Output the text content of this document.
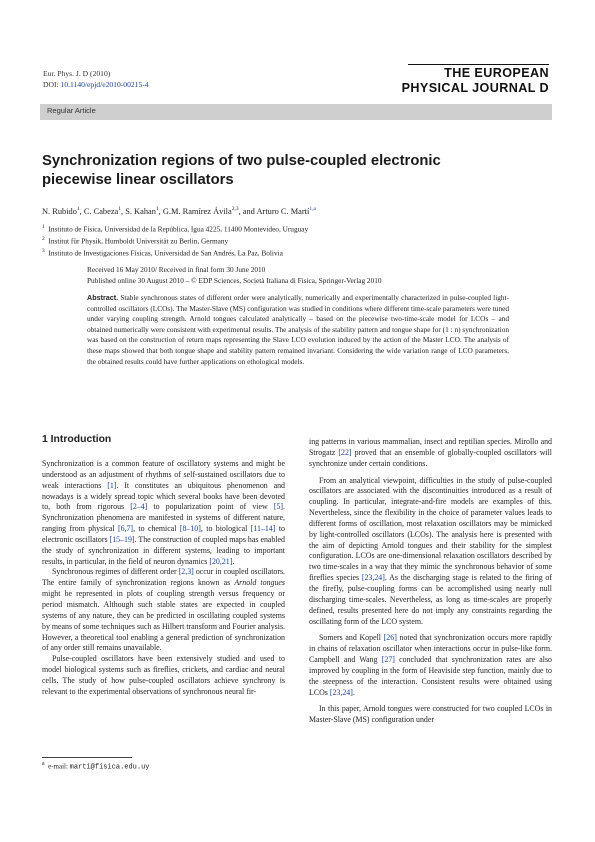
Eur. Phys. J. D (2010)
DOI: 10.1140/epjd/e2010-00215-4
THE EUROPEAN
PHYSICAL JOURNAL D
Regular Article
Synchronization regions of two pulse-coupled electronic piecewise linear oscillators
N. Rubido$^1$, C. Cabeza$^1$, S. Kahan$^1$, G.M. Ramírez Ávila$^{2,3}$, and Arturo C. Martí$^{1,a}$
$^1$ Instituto de Física, Universidad de la República, Igua 4225, 11400 Montevideo, Uruguay
$^2$ Institut für Physik, Humboldt Universität zu Berlin, Germany
$^3$ Instituto de Investigaciones Físicas, Universidad de San Andrés, La Paz, Bolivia
Received 16 May 2010/ Received in final form 30 June 2010
Published online 30 August 2010 – © EDP Sciences, Società Italiana di Fisica, Springer-Verlag 2010
Abstract. Stable synchronous states of different order were analytically, numerically and experimentally characterized in pulse-coupled light-controlled oscillators (LCOs). The Master-Slave (MS) configuration was studied in conditions where different time-scale parameters were tuned under varying coupling strength. Arnold tongues calculated analytically – based on the piecewise two-time-scale model for LCOs – and obtained numerically were consistent with experimental results. The analysis of the stability pattern and tongue shape for (1 : n) synchronization was based on the construction of return maps representing the Slave LCO evolution induced by the action of the Master LCO. The analysis of these maps showed that both tongue shape and stability pattern remained invariant. Considering the wide variation range of LCO parameters, the obtained results could have further applications on ethological models.
1 Introduction

Synchronization is a common feature of oscillatory systems and might be understood as an adjustment of rhythms of self-sustained oscillators due to weak interactions [1]. It constitutes an ubiquitous phenomenon and nowadays is a widely spread topic which several books have been devoted to, both from rigorous [2–4] to popularization point of view [5]. Synchronization phenomena are manifested in systems of different nature, ranging from physical [6,7], to chemical [8–10], to biological [11–14] to electronic oscillators [15–19]. The construction of coupled maps has enabled the study of synchronization in different systems, leading to important results, in particular, in the field of neuron dynamics [20,21].

Synchronous regimes of different order [2,3] occur in coupled oscillators. The entire family of synchronization regions known as Arnold tongues might be represented in plots of coupling strength versus frequency or period mismatch. Although such stable states are expected in coupled systems of any nature, they can be predicted in oscillating coupled systems by means of some techniques such as Hilbert transform and Fourier analysis. However, a theoretical tool enabling a general prediction of synchronization of any order still remains unavailable.

Pulse-coupled oscillators have been extensively studied and used to model biological systems such as fireflies, crickets, and cardiac and neural cells. The study of how pulse-coupled oscillators achieve synchrony is relevant to the experimental observations of synchronous neural fir-

ing patterns in various mammalian, insect and reptilian species. Mirollo and Strogatz [22] proved that an ensemble of globally-coupled oscillators will synchronize under certain conditions.

From an analytical viewpoint, difficulties in the study of pulse-coupled oscillators are associated with the discontinuities introduced as a result of coupling. In particular, integrate-and-fire models are examples of this. Nevertheless, since the flexibility in the choice of parameter values leads to different forms of oscillation, most relaxation oscillators may be mimicked by light-controlled oscillators (LCOs). The analysis here is presented with the aim of depicting Arnold tongues and their stability for the simplest configuration. LCOs are one-dimensional relaxation oscillators described by two time-scales in a way that they mimic the synchronous behavior of some fireflies species [23,24]. As the discharging stage is related to the firing of the firefly, pulse-coupling forms can be accomplished using nearly null discharging time-scales. Nevertheless, as long as time-scales are properly defined, results presented here do not imply any constraints regarding the oscillating form of the LCO system.

Somers and Kopell [26] noted that synchronization occurs more rapidly in chains of relaxation oscillator when interactions occur in pulse-like form. Campbell and Wang [27] concluded that synchronization rates are also improved by coupling in the form of Heaviside step function, mainly due to the steepness of the interaction. Consistent results were obtained using LCOs [23,24].

In this paper, Arnold tongues were constructed for two coupled LCOs in Master-Slave (MS) configuration under

$^a$ e-mail: marti@fisica.edu.uy
